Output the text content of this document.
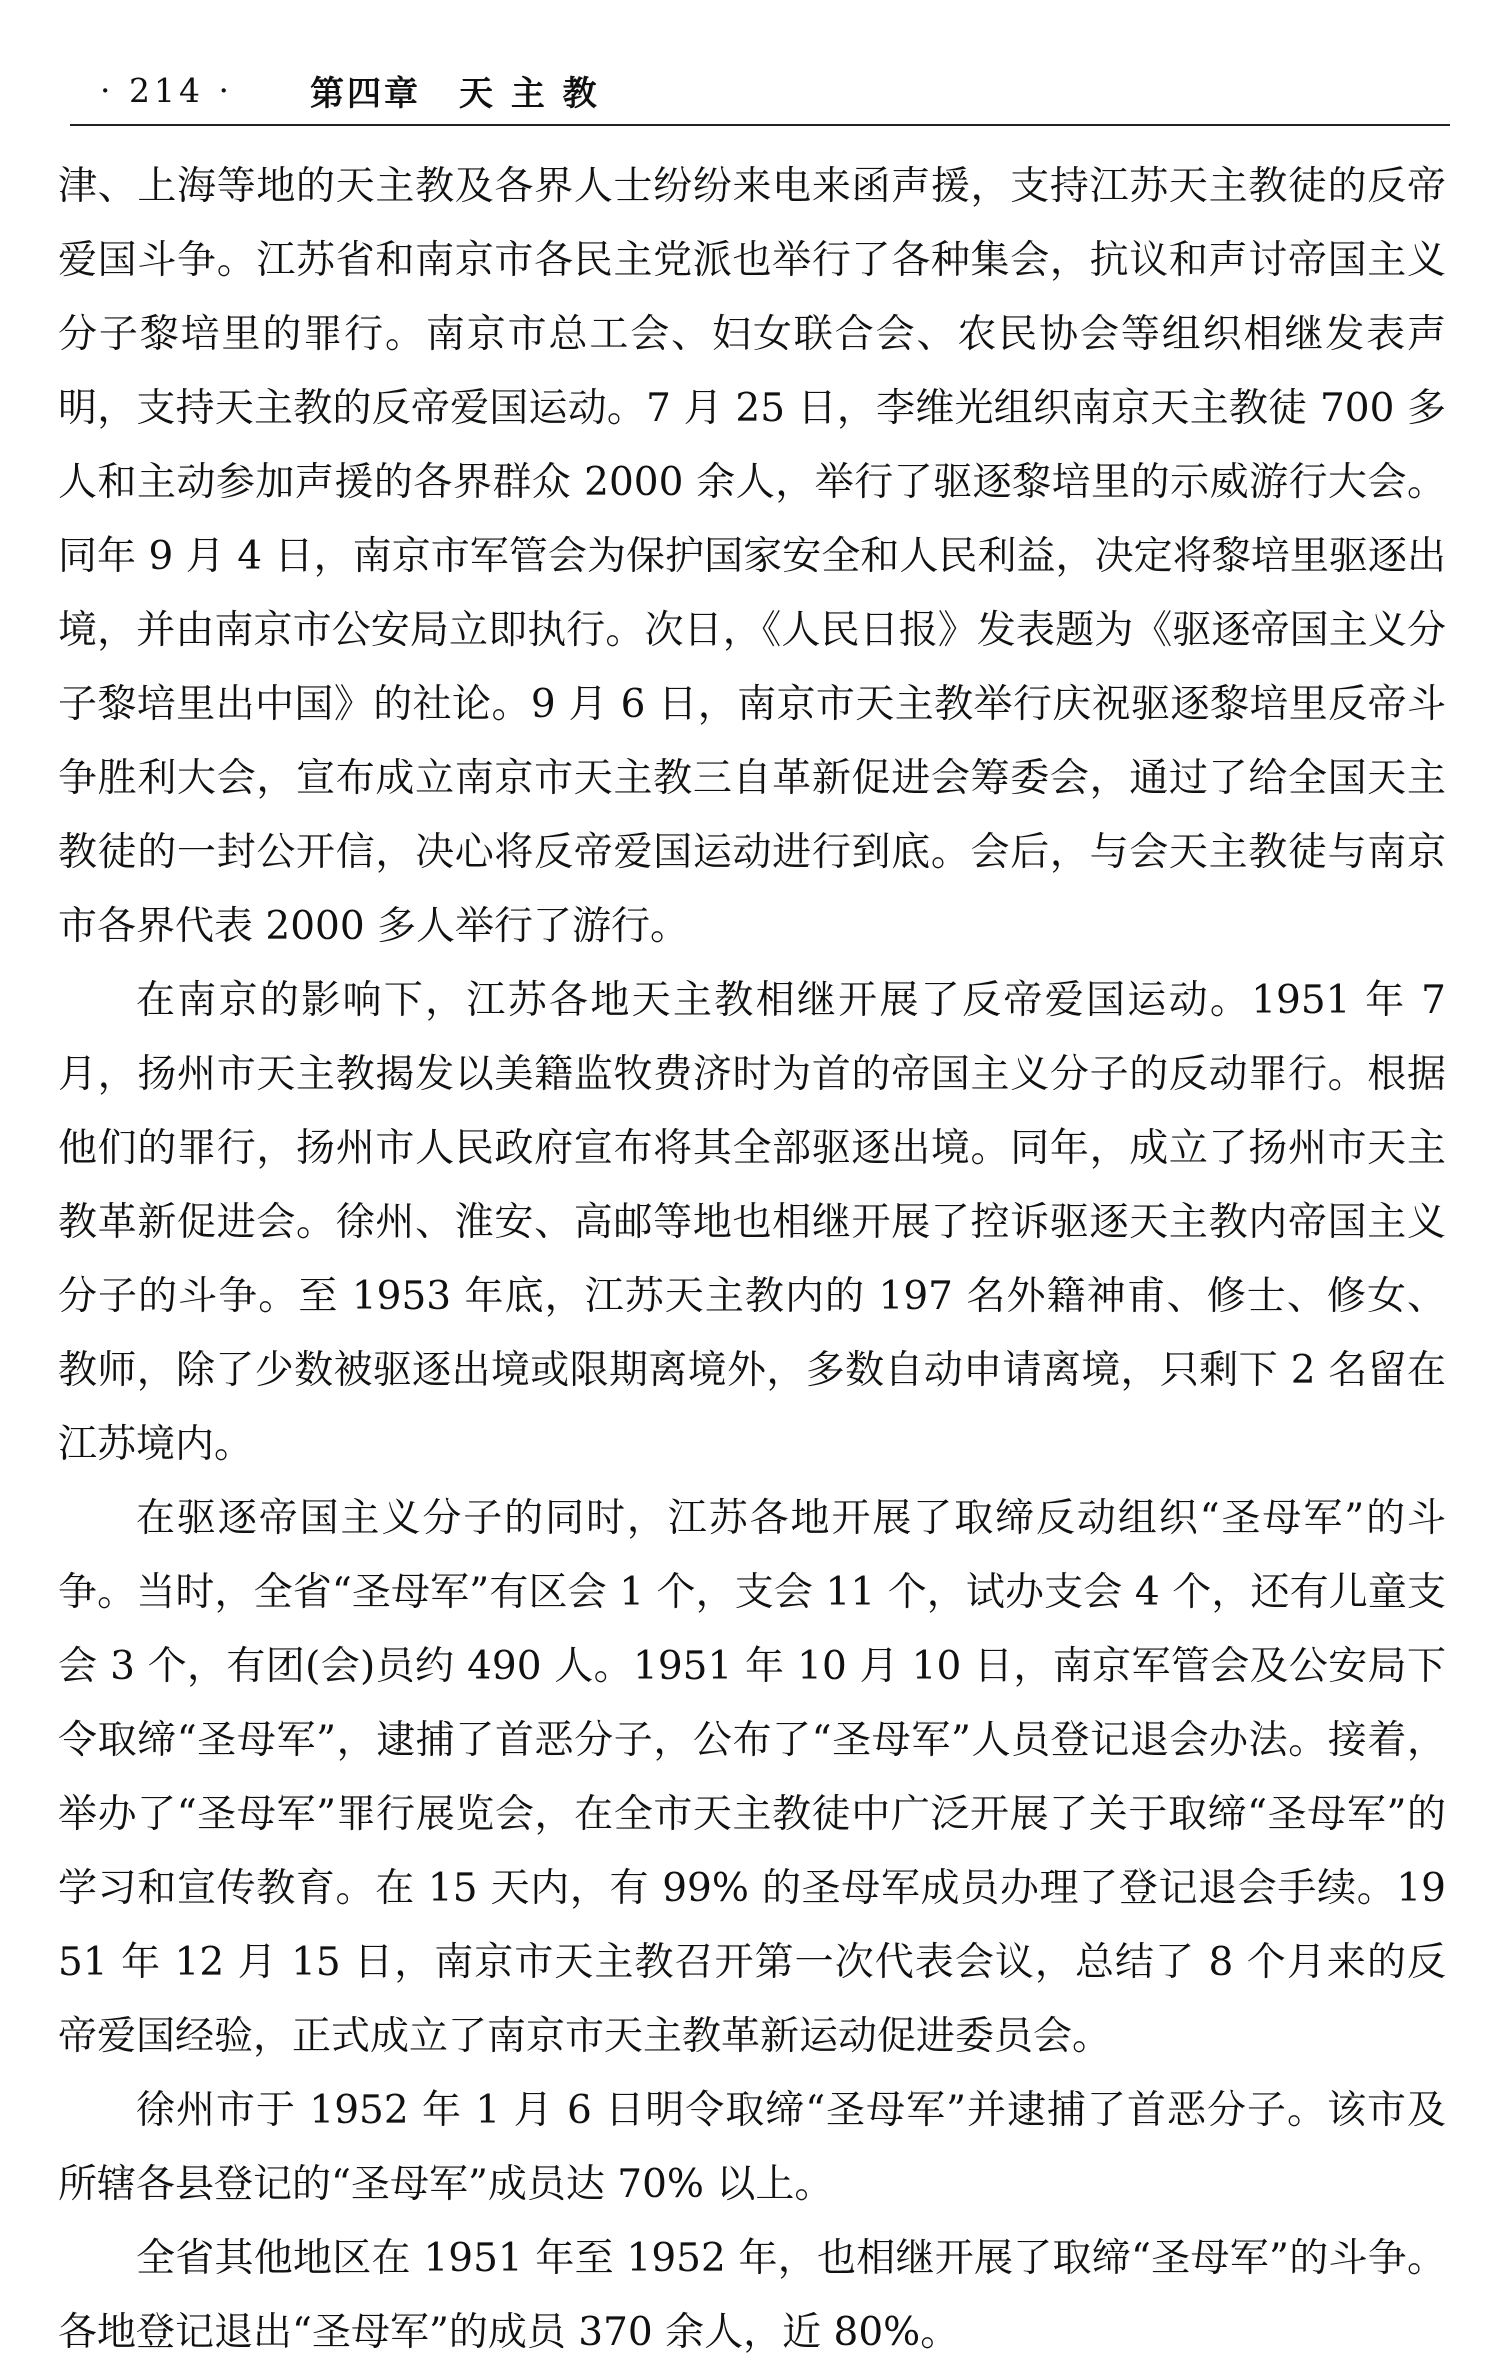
· 214 ·	第四章 天 主 教

津、上海等地的天主教及各界人士纷纷来电来函声援，支持江苏天主教徒的反帝爱国斗争。江苏省和南京市各民主党派也举行了各种集会，抗议和声讨帝国主义分子黎培里的罪行。南京市总工会、妇女联合会、农民协会等组织相继发表声明，支持天主教的反帝爱国运动。7 月 25 日，李维光组织南京天主教徒 700 多人和主动参加声援的各界群众 2000 余人，举行了驱逐黎培里的示威游行大会。同年 9 月 4 日，南京市军管会为保护国家安全和人民利益，决定将黎培里驱逐出境，并由南京市公安局立即执行。次日，《人民日报》发表题为《驱逐帝国主义分子黎培里出中国》的社论。9 月 6 日，南京市天主教举行庆祝驱逐黎培里反帝斗争胜利大会，宣布成立南京市天主教三自革新促进会筹委会，通过了给全国天主教徒的一封公开信，决心将反帝爱国运动进行到底。会后，与会天主教徒与南京市各界代表 2000 多人举行了游行。

在南京的影响下，江苏各地天主教相继开展了反帝爱国运动。1951 年 7 月，扬州市天主教揭发以美籍监牧费济时为首的帝国主义分子的反动罪行。根据他们的罪行，扬州市人民政府宣布将其全部驱逐出境。同年，成立了扬州市天主教革新促进会。徐州、淮安、高邮等地也相继开展了控诉驱逐天主教内帝国主义分子的斗争。至 1953 年底，江苏天主教内的 197 名外籍神甫、修士、修女、教师，除了少数被驱逐出境或限期离境外，多数自动申请离境，只剩下 2 名留在江苏境内。

在驱逐帝国主义分子的同时，江苏各地开展了取缔反动组织“圣母军”的斗争。当时，全省“圣母军”有区会 1 个，支会 11 个，试办支会 4 个，还有儿童支会 3 个，有团(会)员约 490 人。1951 年 10 月 10 日，南京军管会及公安局下令取缔“圣母军”，逮捕了首恶分子，公布了“圣母军”人员登记退会办法。接着，举办了“圣母军”罪行展览会，在全市天主教徒中广泛开展了关于取缔“圣母军”的学习和宣传教育。在 15 天内，有 99% 的圣母军成员办理了登记退会手续。1951 年 12 月 15 日，南京市天主教召开第一次代表会议，总结了 8 个月来的反帝爱国经验，正式成立了南京市天主教革新运动促进委员会。

徐州市于 1952 年 1 月 6 日明令取缔“圣母军”并逮捕了首恶分子。该市及所辖各县登记的“圣母军”成员达 70% 以上。

全省其他地区在 1951 年至 1952 年，也相继开展了取缔“圣母军”的斗争。各地登记退出“圣母军”的成员 370 余人，近 80%。
